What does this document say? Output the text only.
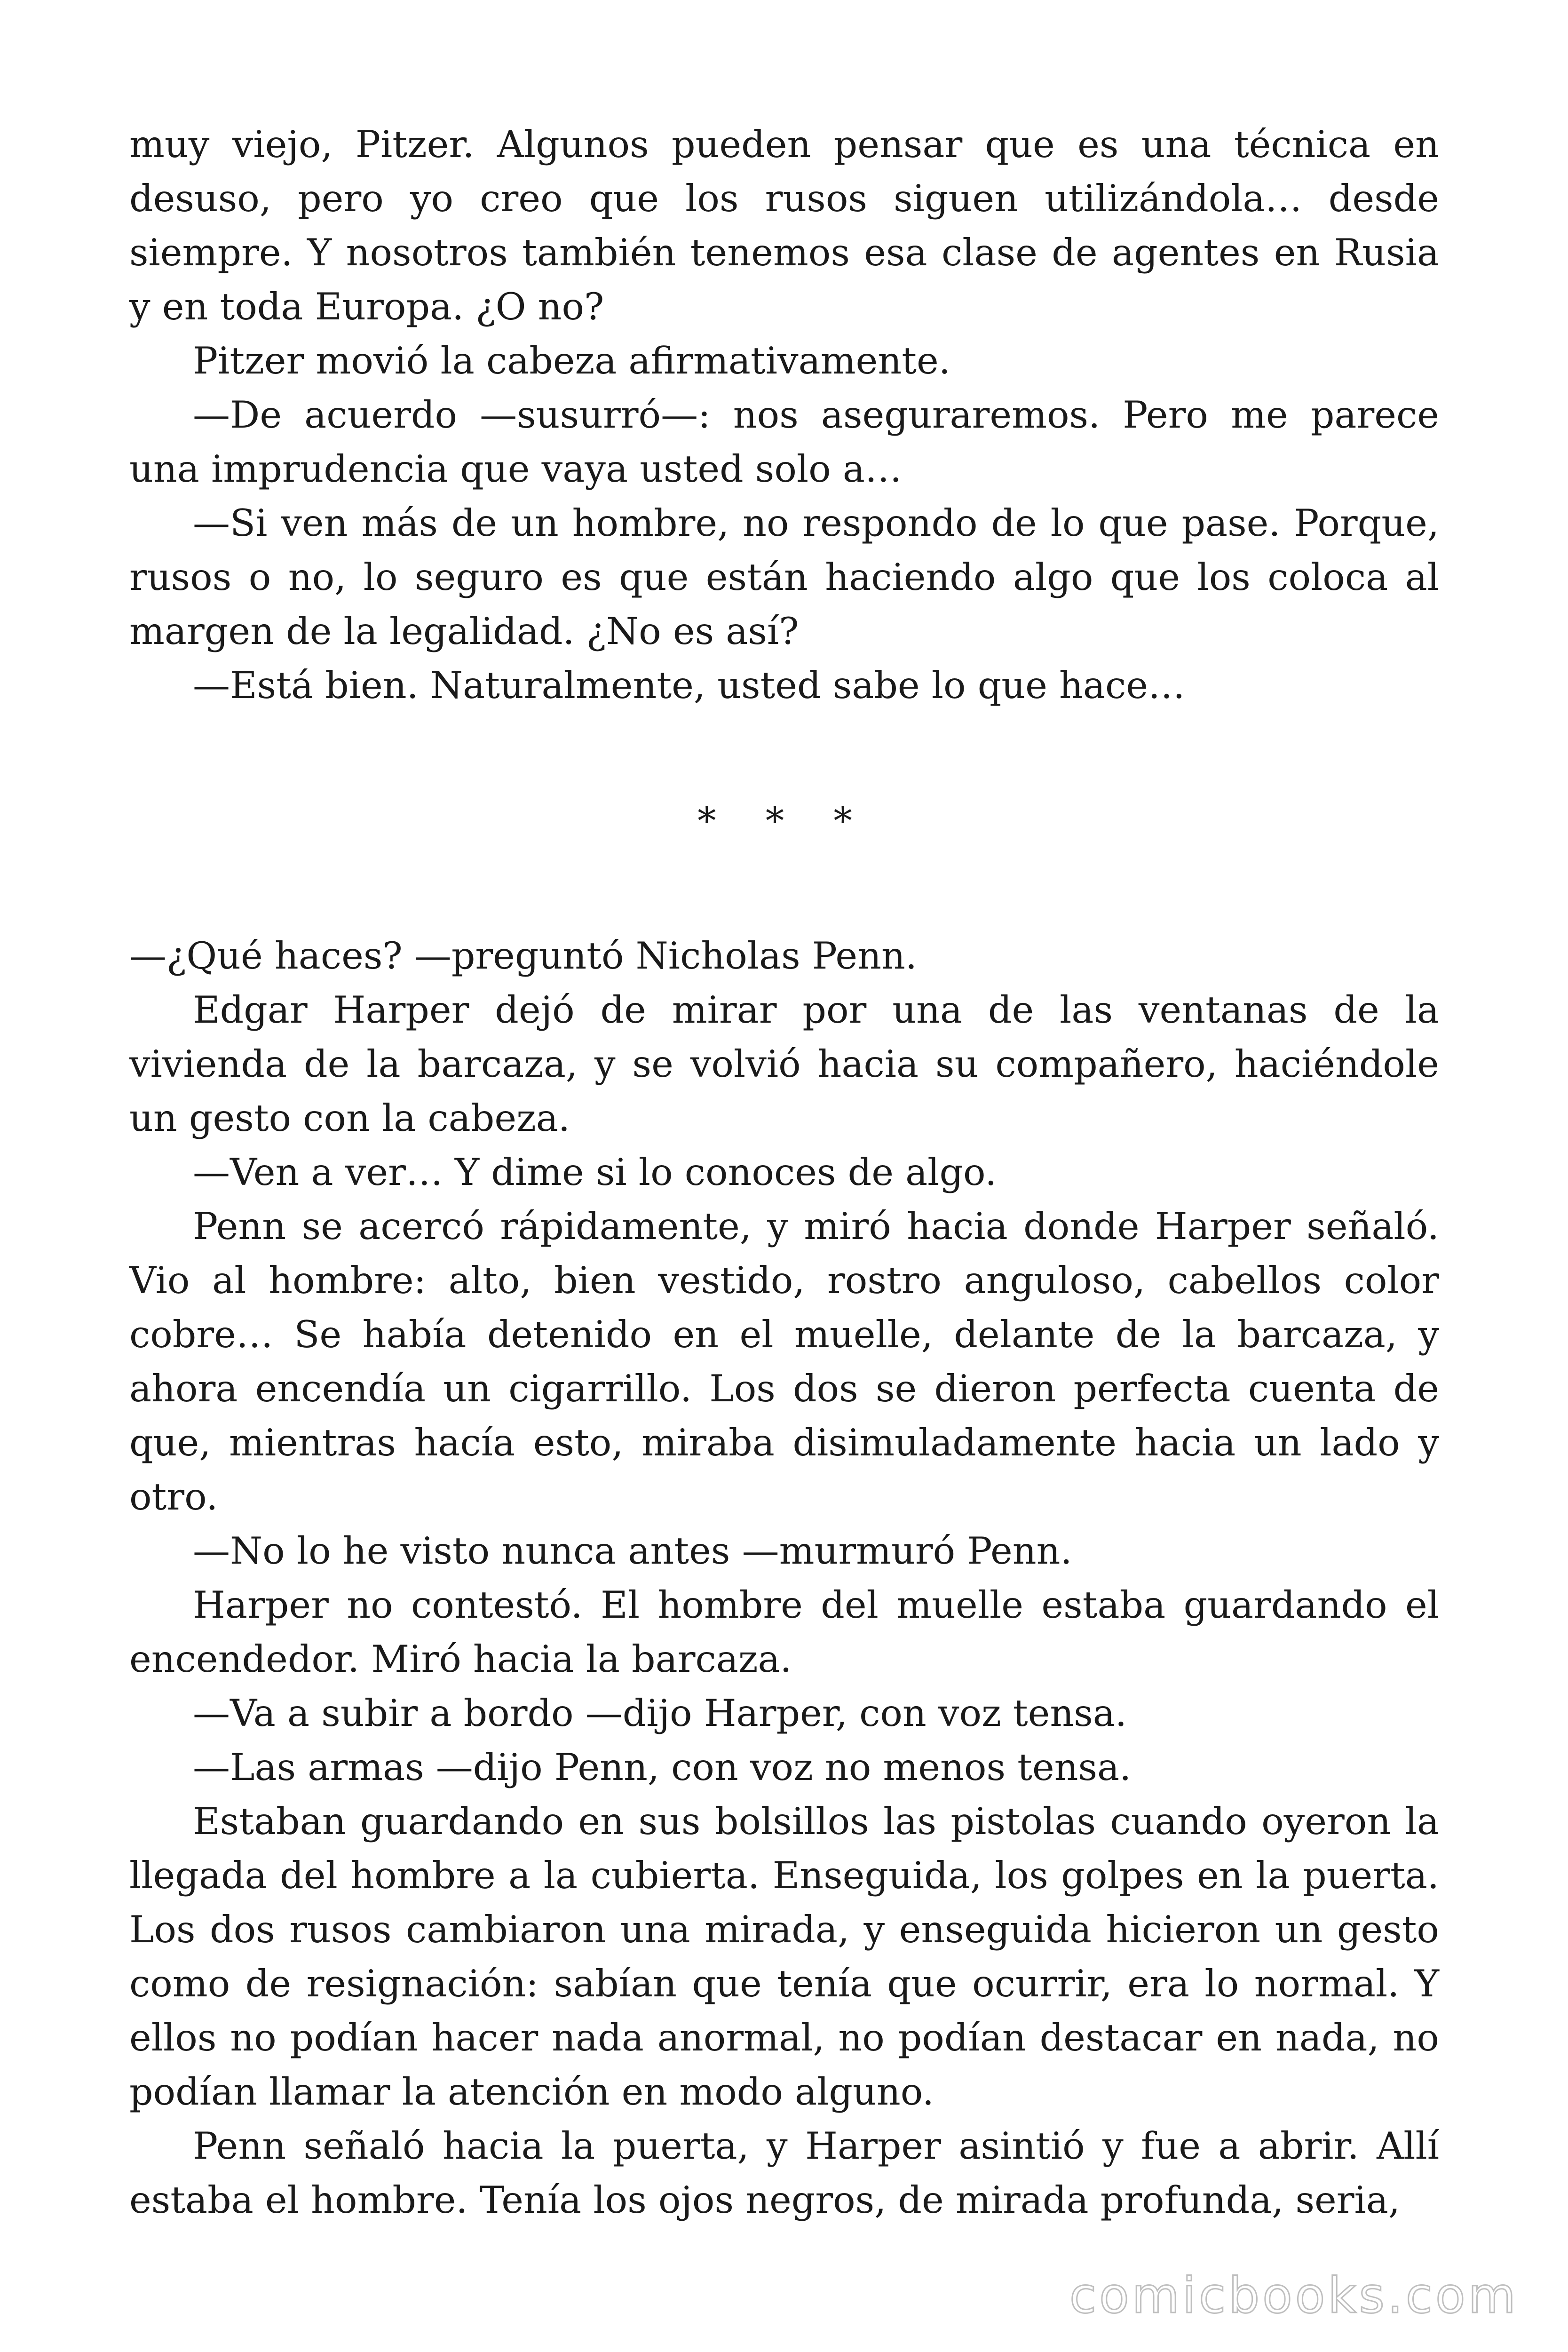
muy viejo, Pitzer. Algunos pueden pensar que es una técnica en desuso, pero yo creo que los rusos siguen utilizándola… desde siempre. Y nosotros también tenemos esa clase de agentes en Rusia y en toda Europa. ¿O no?

Pitzer movió la cabeza afirmativamente.

—De acuerdo —susurró—: nos aseguraremos. Pero me parece una imprudencia que vaya usted solo a…

—Si ven más de un hombre, no respondo de lo que pase. Porque, rusos o no, lo seguro es que están haciendo algo que los coloca al margen de la legalidad. ¿No es así?

—Está bien. Naturalmente, usted sabe lo que hace…

* * *

—¿Qué haces? —preguntó Nicholas Penn.

Edgar Harper dejó de mirar por una de las ventanas de la vivienda de la barcaza, y se volvió hacia su compañero, haciéndole un gesto con la cabeza.

—Ven a ver… Y dime si lo conoces de algo.

Penn se acercó rápidamente, y miró hacia donde Harper señaló. Vio al hombre: alto, bien vestido, rostro anguloso, cabellos color cobre… Se había detenido en el muelle, delante de la barcaza, y ahora encendía un cigarrillo. Los dos se dieron perfecta cuenta de que, mientras hacía esto, miraba disimuladamente hacia un lado y otro.

—No lo he visto nunca antes —murmuró Penn.

Harper no contestó. El hombre del muelle estaba guardando el encendedor. Miró hacia la barcaza.

—Va a subir a bordo —dijo Harper, con voz tensa.

—Las armas —dijo Penn, con voz no menos tensa.

Estaban guardando en sus bolsillos las pistolas cuando oyeron la llegada del hombre a la cubierta. Enseguida, los golpes en la puerta. Los dos rusos cambiaron una mirada, y enseguida hicieron un gesto como de resignación: sabían que tenía que ocurrir, era lo normal. Y ellos no podían hacer nada anormal, no podían destacar en nada, no podían llamar la atención en modo alguno.

Penn señaló hacia la puerta, y Harper asintió y fue a abrir. Allí estaba el hombre. Tenía los ojos negros, de mirada profunda, seria,

comicbooks.com
